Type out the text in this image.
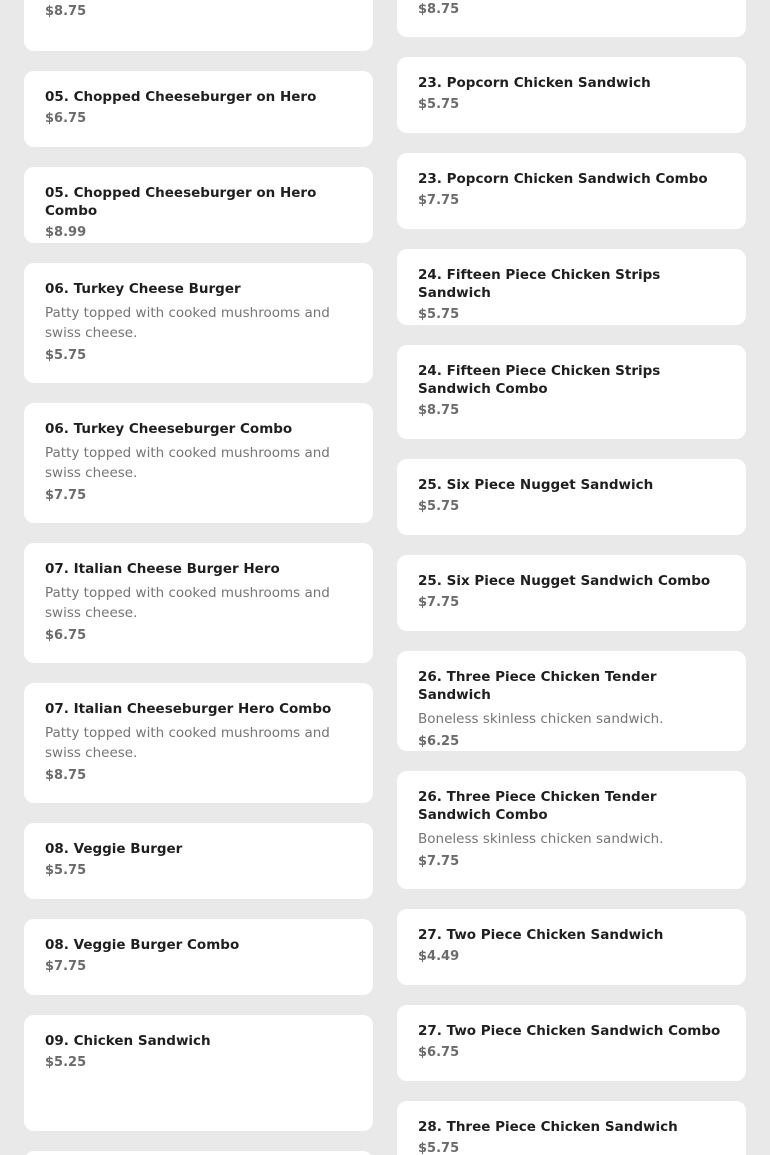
$8.75
05. Chopped Cheeseburger on Hero
$6.75
05. Chopped Cheeseburger on Hero Combo
$8.99
06. Turkey Cheese Burger
Patty topped with cooked mushrooms and swiss cheese.
$5.75
06. Turkey Cheeseburger Combo
Patty topped with cooked mushrooms and swiss cheese.
$7.75
07. Italian Cheese Burger Hero
Patty topped with cooked mushrooms and swiss cheese.
$6.75
07. Italian Cheeseburger Hero Combo
Patty topped with cooked mushrooms and swiss cheese.
$8.75
08. Veggie Burger
$5.75
08. Veggie Burger Combo
$7.75
09. Chicken Sandwich
$5.25
$8.75
23. Popcorn Chicken Sandwich
$5.75
23. Popcorn Chicken Sandwich Combo
$7.75
24. Fifteen Piece Chicken Strips Sandwich
$5.75
24. Fifteen Piece Chicken Strips Sandwich Combo
$8.75
25. Six Piece Nugget Sandwich
$5.75
25. Six Piece Nugget Sandwich Combo
$7.75
26. Three Piece Chicken Tender Sandwich
Boneless skinless chicken sandwich.
$6.25
26. Three Piece Chicken Tender Sandwich Combo
Boneless skinless chicken sandwich.
$7.75
27. Two Piece Chicken Sandwich
$4.49
27. Two Piece Chicken Sandwich Combo
$6.75
28. Three Piece Chicken Sandwich
$5.75
